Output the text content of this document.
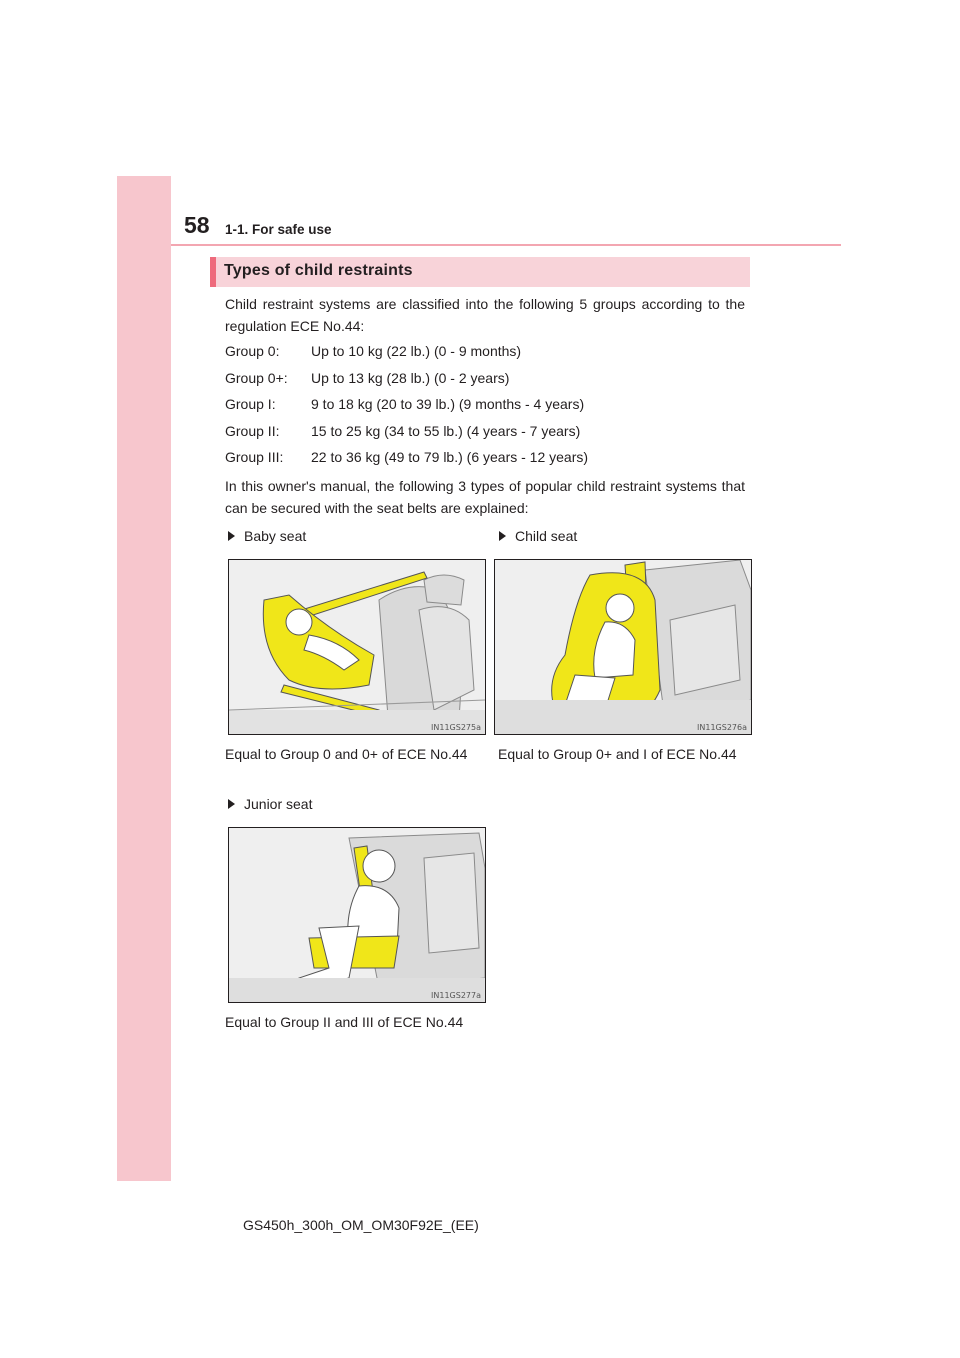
58 1-1. For safe use
Types of child restraints
Child restraint systems are classified into the following 5 groups according to the regulation ECE No.44:
Group 0: Up to 10 kg (22 lb.) (0 - 9 months)
Group 0+: Up to 13 kg (28 lb.) (0 - 2 years)
Group I:	9 to 18 kg (20 to 39 lb.) (9 months - 4 years)
Group II: 15 to 25 kg (34 to 55 lb.) (4 years - 7 years)
Group III: 22 to 36 kg (49 to 79 lb.) (6 years - 12 years)
In this owner's manual, the following 3 types of popular child restraint systems that can be secured with the seat belts are explained:
Baby seat
IN11GS275a
Equal to Group 0 and 0+ of ECE No.44
Child seat
IN11GS276a
Equal to Group 0+ and I of ECE No.44
Junior seat
IN11GS277a
Equal to Group II and III of ECE No.44
GS450h_300h_OM_OM30F92E_(EE)
